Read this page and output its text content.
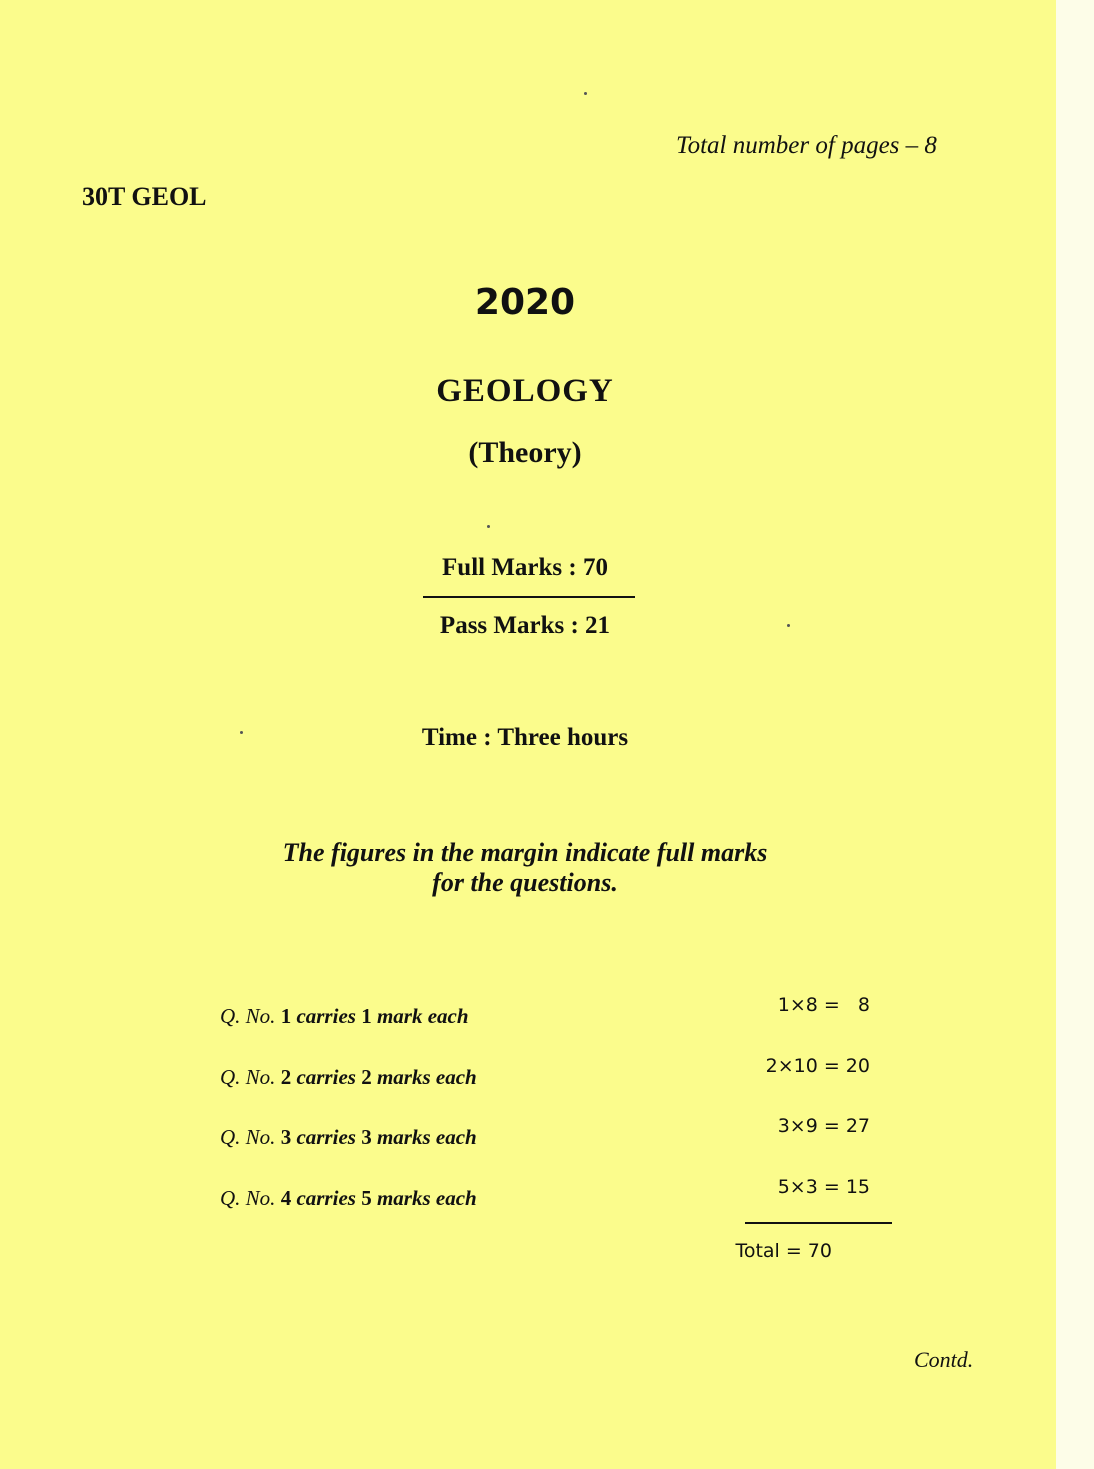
Total number of pages – 8
30T GEOL
2020
GEOLOGY
(Theory)
Full Marks : 70
Pass Marks : 21
Time : Three hours
The figures in the margin indicate full marks
for the questions.
Q. No. 1 carries 1 mark each	1×8 =   8
Q. No. 2 carries 2 marks each	2×10 = 20
Q. No. 3 carries 3 marks each	3×9 = 27
Q. No. 4 carries 5 marks each	5×3 = 15
Total = 70
Contd.
